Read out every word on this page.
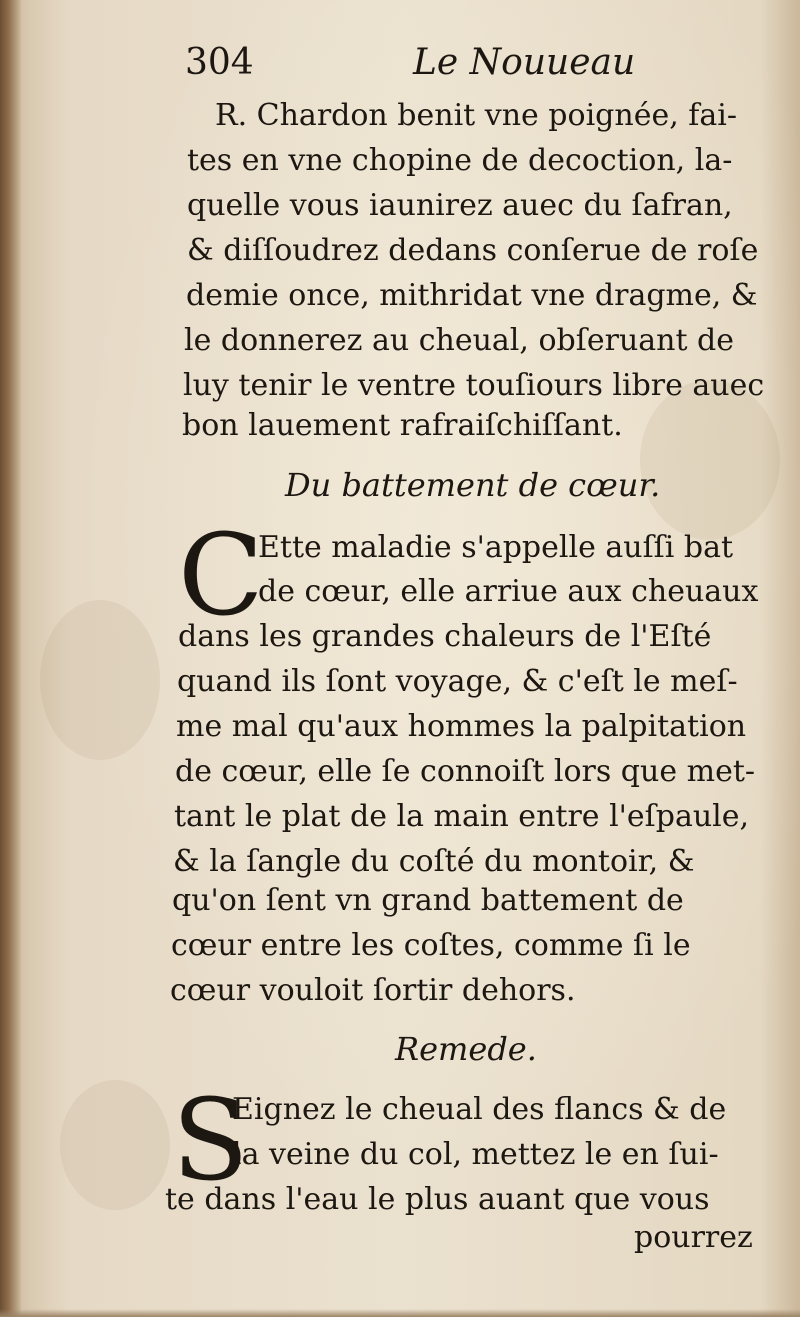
304	Le Nouueau
R. Chardon benit vne poignée, fai-
tes en vne chopine de decoction, la-
quelle vous iaunirez auec du ſafran,
& diſſoudrez dedans conſerue de roſe
demie once, mithridat vne dragme, &
le donnerez au cheual, obſeruant de
luy tenir le ventre touſiours libre auec
bon lauement rafraiſchiſſant.
Du battement de cœur.
C
Ette maladie s'appelle auſſi bat
de cœur, elle arriue aux cheuaux
dans les grandes chaleurs de l'Eſté
quand ils ſont voyage, & c'eſt le meſ-
me mal qu'aux hommes la palpitation
de cœur, elle ſe connoiſt lors que met-
tant le plat de la main entre l'eſpaule,
& la ſangle du coſté du montoir, &
qu'on ſent vn grand battement de
cœur entre les coſtes, comme ſi le
cœur vouloit ſortir dehors.
Remede.
S
Eignez le cheual des flancs & de
la veine du col, mettez le en ſui-
te dans l'eau le plus auant que vous
pourrez
